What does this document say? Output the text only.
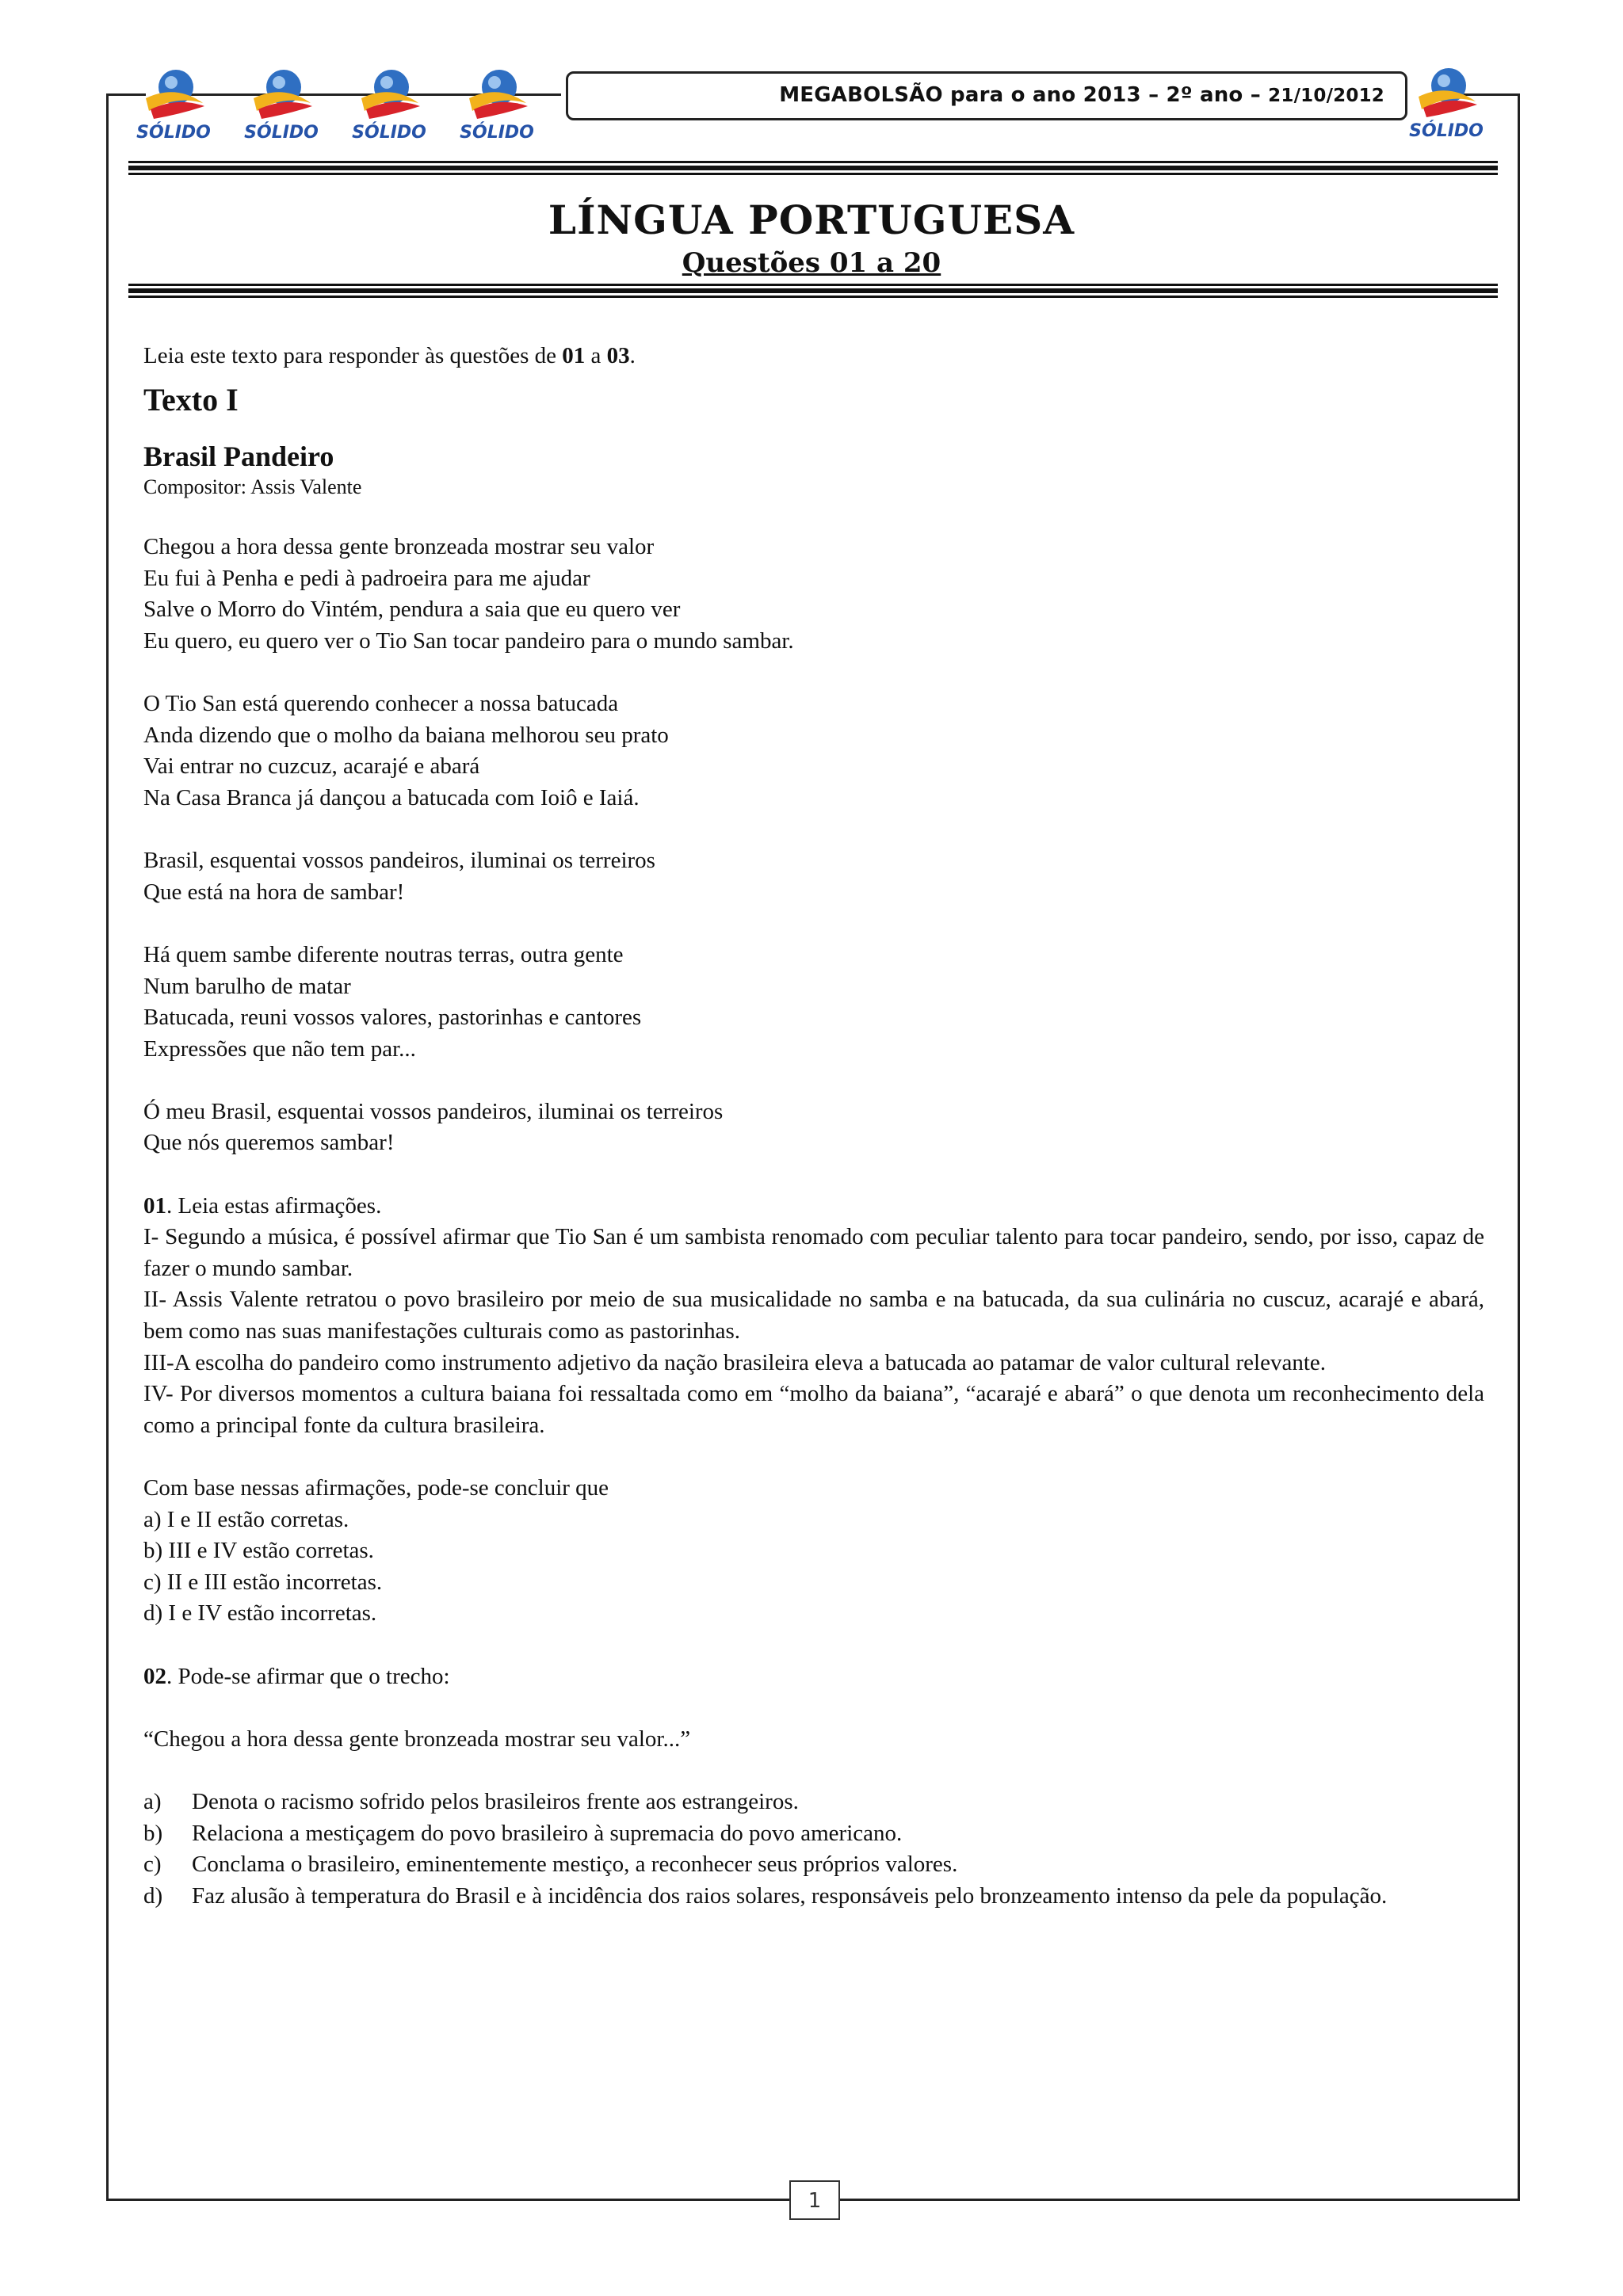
SÓLIDO SÓLIDO SÓLIDO SÓLIDO	SÓLIDO
MEGABOLSÃO para o ano 2013 – 2º ano – 21/10/2012
LÍNGUA PORTUGUESA
Questões 01 a 20

Leia este texto para responder às questões de 01 a 03.

Texto I
Brasil Pandeiro
Compositor: Assis Valente

Chegou a hora dessa gente bronzeada mostrar seu valor

Eu fui à Penha e pedi à padroeira para me ajudar

Salve o Morro do Vintém, pendura a saia que eu quero ver

Eu quero, eu quero ver o Tio San tocar pandeiro para o mundo sambar.

O Tio San está querendo conhecer a nossa batucada

Anda dizendo que o molho da baiana melhorou seu prato

Vai entrar no cuzcuz, acarajé e abará

Na Casa Branca já dançou a batucada com Ioiô e Iaiá.

Brasil, esquentai vossos pandeiros, iluminai os terreiros

Que está na hora de sambar!

Há quem sambe diferente noutras terras, outra gente

Num barulho de matar

Batucada, reuni vossos valores, pastorinhas e cantores

Expressões que não tem par...

Ó meu Brasil, esquentai vossos pandeiros, iluminai os terreiros

Que nós queremos sambar!

01. Leia estas afirmações.

I- Segundo a música, é possível afirmar que Tio San é um sambista renomado com peculiar talento para tocar pandeiro, sendo, por isso, capaz de fazer o mundo sambar.

II- Assis Valente retratou o povo brasileiro por meio de sua musicalidade no samba e na batucada, da sua culinária no cuscuz, acarajé e abará, bem como nas suas manifestações culturais como as pastorinhas.

III-A escolha do pandeiro como instrumento adjetivo da nação brasileira eleva a batucada ao patamar de valor cultural relevante.

IV- Por diversos momentos a cultura baiana foi ressaltada como em “molho da baiana”, “acarajé e abará” o que denota um reconhecimento dela como a principal fonte da cultura brasileira.

Com base nessas afirmações, pode-se concluir que

a) I e II estão corretas.

b) III e IV estão corretas.

c) II e III estão incorretas.

d) I e IV estão incorretas.

02. Pode-se afirmar que o trecho:

“Chegou a hora dessa gente bronzeada mostrar seu valor...”

a)	Denota o racismo sofrido pelos brasileiros frente aos estrangeiros.
b)	Relaciona a mestiçagem do povo brasileiro à supremacia do povo americano.
c)	Conclama o brasileiro, eminentemente mestiço, a reconhecer seus próprios valores.
d)	Faz alusão à temperatura do Brasil e à incidência dos raios solares, responsáveis pelo bronzeamento intenso da pele da população.
1
